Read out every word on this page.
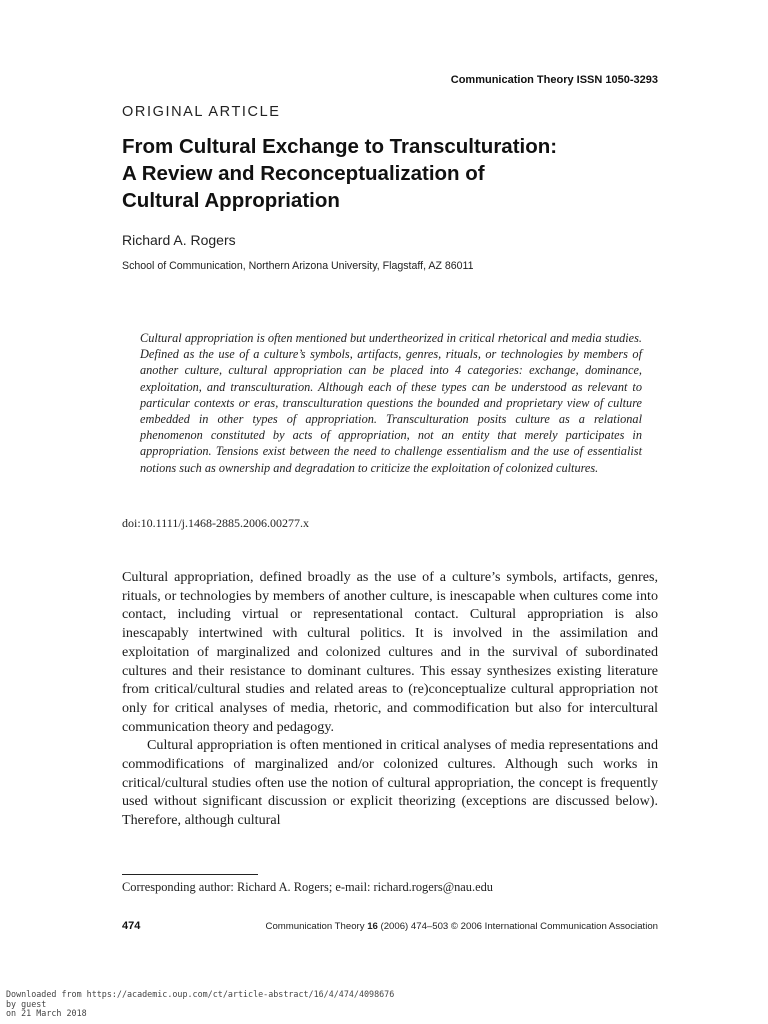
Communication Theory ISSN 1050-3293
ORIGINAL ARTICLE
From Cultural Exchange to Transculturation:
A Review and Reconceptualization of
Cultural Appropriation
Richard A. Rogers
School of Communication, Northern Arizona University, Flagstaff, AZ 86011
Cultural appropriation is often mentioned but undertheorized in critical rhetorical and media studies. Defined as the use of a culture’s symbols, artifacts, genres, rituals, or technologies by members of another culture, cultural appropriation can be placed into 4 categories: exchange, dominance, exploitation, and transculturation. Although each of these types can be understood as relevant to particular contexts or eras, transculturation questions the bounded and proprietary view of culture embedded in other types of appropriation. Transculturation posits culture as a relational phenomenon constituted by acts of appropriation, not an entity that merely participates in appropriation. Tensions exist between the need to challenge essentialism and the use of essentialist notions such as ownership and degradation to criticize the exploitation of colonized cultures.
doi:10.1111/j.1468-2885.2006.00277.x

Cultural appropriation, defined broadly as the use of a culture’s symbols, artifacts, genres, rituals, or technologies by members of another culture, is inescapable when cultures come into contact, including virtual or representational contact. Cultural appropriation is also inescapably intertwined with cultural politics. It is involved in the assimilation and exploitation of marginalized and colonized cultures and in the survival of subordinated cultures and their resistance to dominant cultures. This essay synthesizes existing literature from critical/cultural studies and related areas to (re)conceptualize cultural appropriation not only for critical analyses of media, rhetoric, and commodification but also for intercultural communication theory and pedagogy.

Cultural appropriation is often mentioned in critical analyses of media representations and commodifications of marginalized and/or colonized cultures. Although such works in critical/cultural studies often use the notion of cultural appropriation, the concept is frequently used without significant discussion or explicit theorizing (exceptions are discussed below). Therefore, although cultural

Corresponding author: Richard A. Rogers; e-mail: richard.rogers@nau.edu
474	Communication Theory 16 (2006) 474–503 © 2006 International Communication Association
Downloaded from https://academic.oup.com/ct/article-abstract/16/4/474/4098676
by guest
on 21 March 2018
